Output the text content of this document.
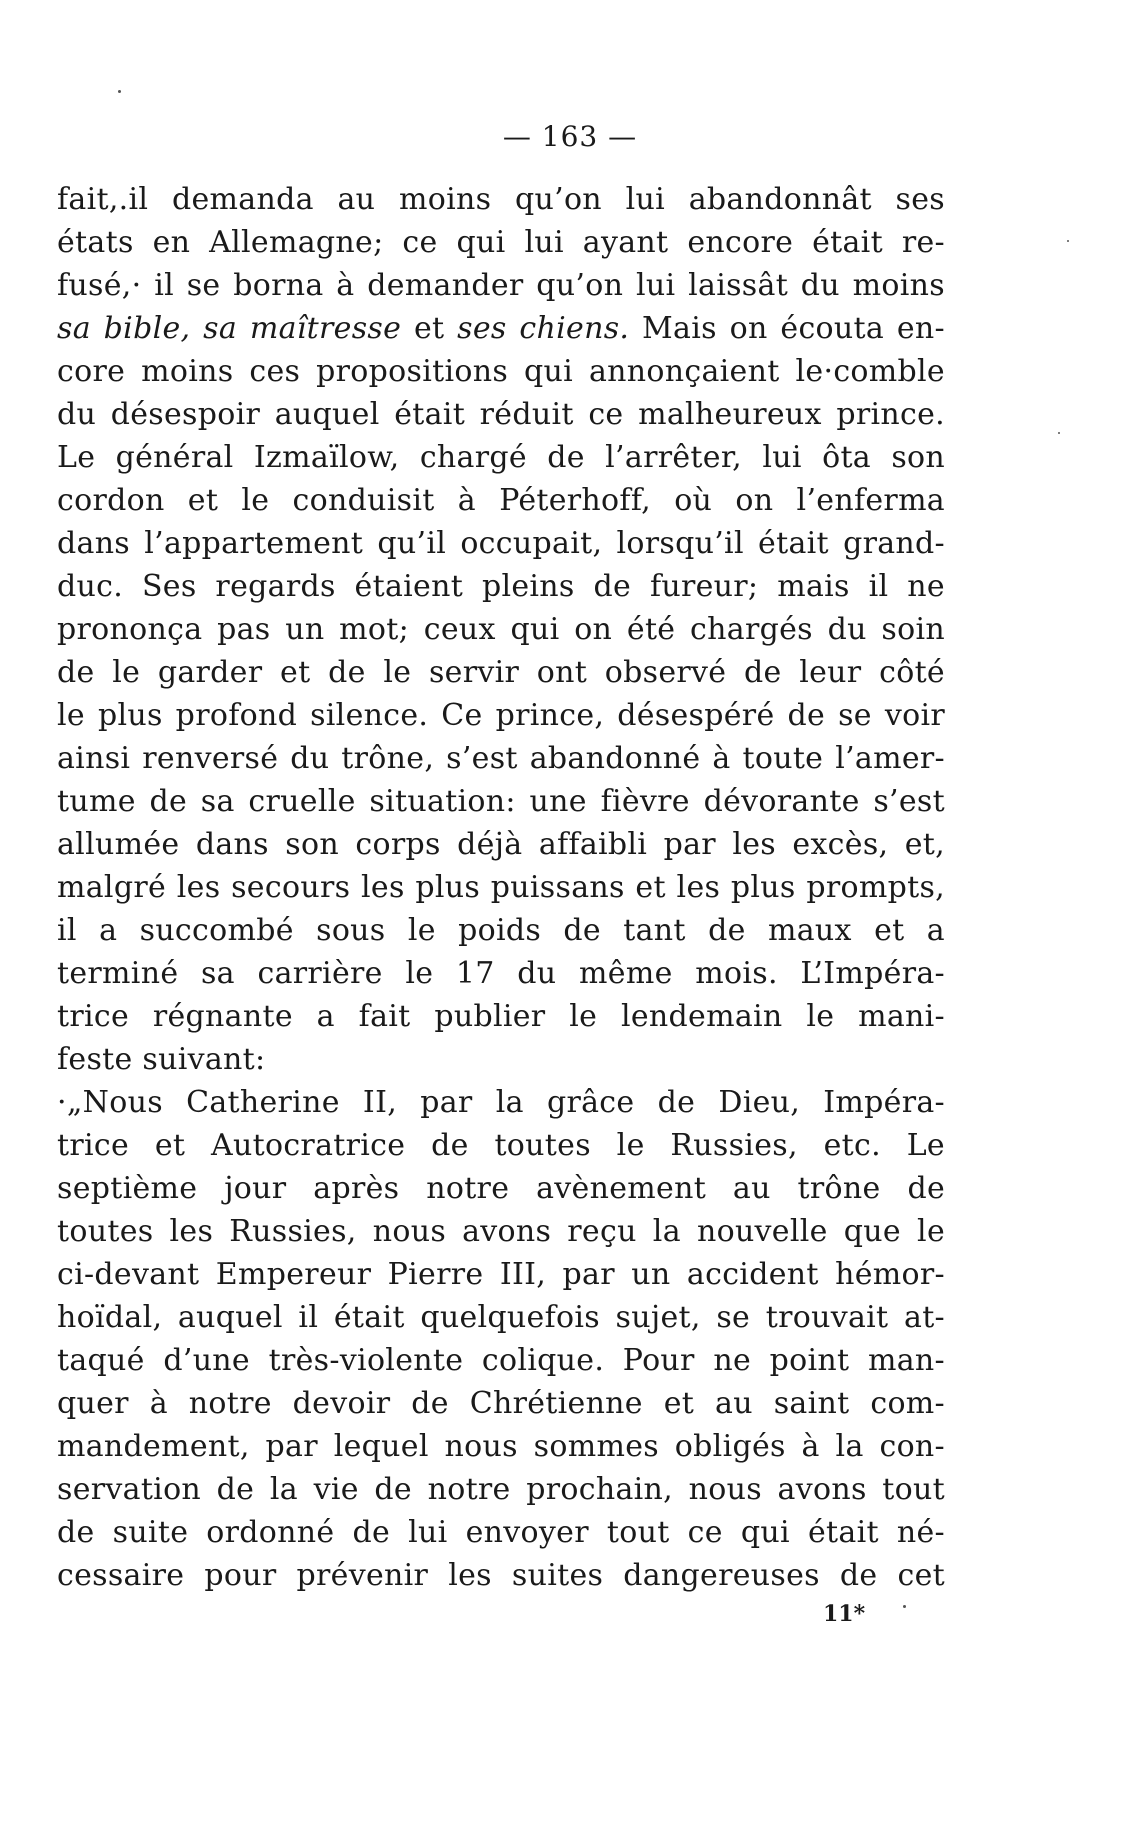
— 163 —
fait,.il demanda au moins qu’on lui abandonnât ses
états en Allemagne; ce qui lui ayant encore était re-
fusé,· il se borna à demander qu’on lui laissât du moins
sa bible, sa maîtresse et ses chiens. Mais on écouta en-
core moins ces propositions qui annonçaient le·comble
du désespoir auquel était réduit ce malheureux prince.
Le général Izmaïlow, chargé de l’arrêter, lui ôta son
cordon et le conduisit à Péterhoff, où on l’enferma
dans l’appartement qu’il occupait, lorsqu’il était grand-
duc. Ses regards étaient pleins de fureur; mais il ne
prononça pas un mot; ceux qui on été chargés du soin
de le garder et de le servir ont observé de leur côté
le plus profond silence. Ce prince, désespéré de se voir
ainsi renversé du trône, s’est abandonné à toute l’amer-
tume de sa cruelle situation: une fièvre dévorante s’est
allumée dans son corps déjà affaibli par les excès, et,
malgré les secours les plus puissans et les plus prompts,
il a succombé sous le poids de tant de maux et a
terminé sa carrière le 17 du même mois. L’Impéra-
trice régnante a fait publier le lendemain le mani-
feste suivant:
·„Nous Catherine II, par la grâce de Dieu, Impéra-
trice et Autocratrice de toutes le Russies, etc. Le
septième jour après notre avènement au trône de
toutes les Russies, nous avons reçu la nouvelle que le
ci-devant Empereur Pierre III, par un accident hémor-
hoïdal, auquel il était quelquefois sujet, se trouvait at-
taqué d’une très-violente colique. Pour ne point man-
quer à notre devoir de Chrétienne et au saint com-
mandement, par lequel nous sommes obligés à la con-
servation de la vie de notre prochain, nous avons tout
de suite ordonné de lui envoyer tout ce qui était né-
cessaire pour prévenir les suites dangereuses de cet
11*
